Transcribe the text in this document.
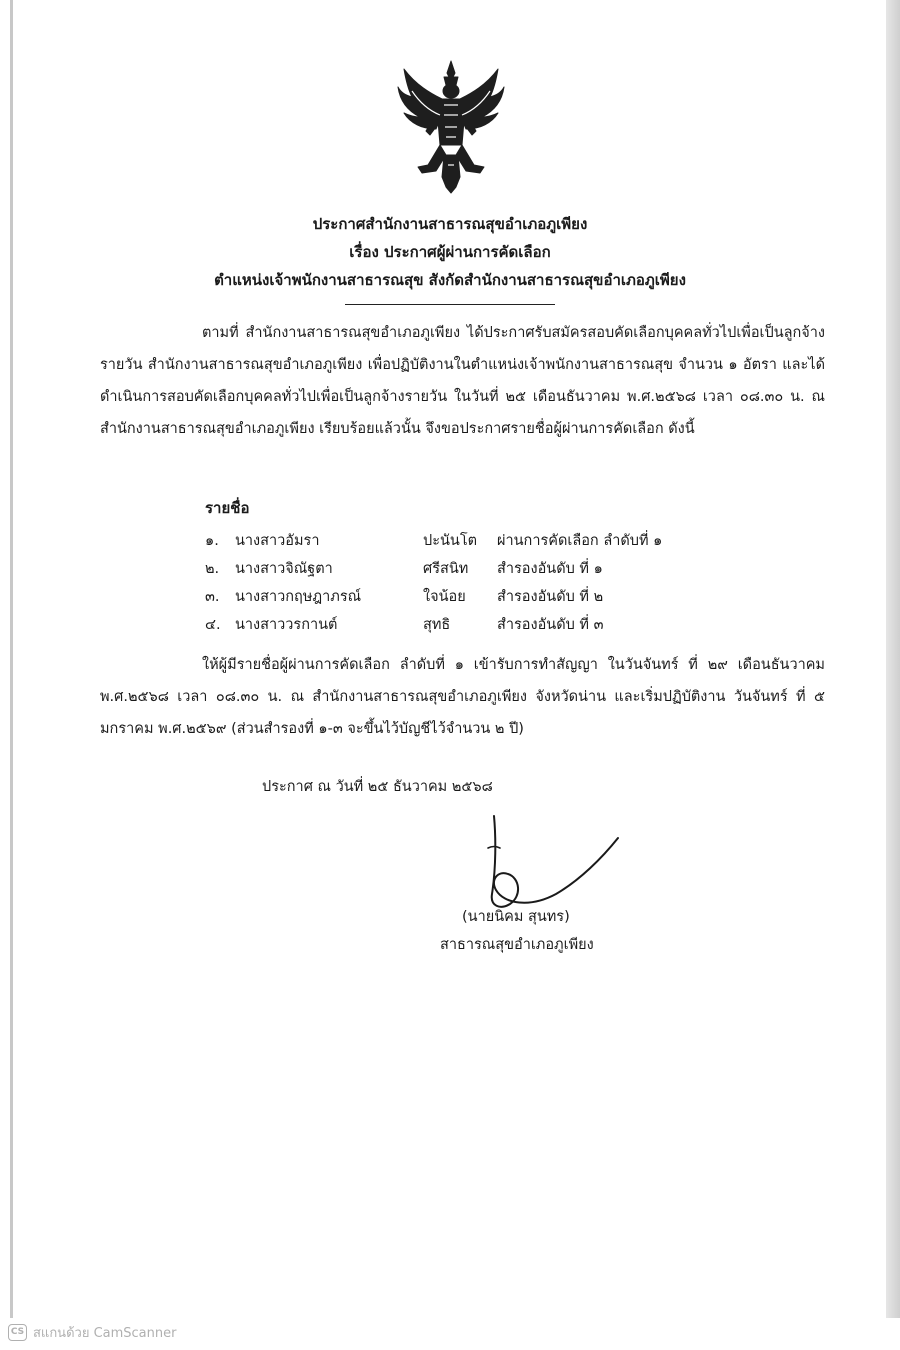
ประกาศสำนักงานสาธารณสุขอำเภอภูเพียง
เรื่อง ประกาศผู้ผ่านการคัดเลือก
ตำแหน่งเจ้าพนักงานสาธารณสุข สังกัดสำนักงานสาธารณสุขอำเภอภูเพียง
ตามที่ สำนักงานสาธารณสุขอำเภอภูเพียง ได้ประกาศรับสมัครสอบคัดเลือกบุคคลทั่วไปเพื่อเป็นลูกจ้างรายวัน สำนักงานสาธารณสุขอำเภอภูเพียง เพื่อปฏิบัติงานในตำแหน่งเจ้าพนักงานสาธารณสุข จำนวน ๑ อัตรา และได้ดำเนินการสอบคัดเลือกบุคคลทั่วไปเพื่อเป็นลูกจ้างรายวัน ในวันที่ ๒๕ เดือนธันวาคม พ.ศ.๒๕๖๘ เวลา ๐๘.๓๐ น. ณ สำนักงานสาธารณสุขอำเภอภูเพียง เรียบร้อยแล้วนั้น จึงขอประกาศรายชื่อผู้ผ่านการคัดเลือก ดังนี้
รายชื่อ
๑. นางสาวอัมรา	ปะนันโต ผ่านการคัดเลือก ลำดับที่ ๑
๒. นางสาวจิณัฐตา	ศรีสนิท สำรองอันดับ ที่ ๑
๓. นางสาวกฤษฎาภรณ์	ใจน้อย สำรองอันดับ ที่ ๒
๔. นางสาววรกานต์	สุทธิ	สำรองอันดับ ที่ ๓
ให้ผู้มีรายชื่อผู้ผ่านการคัดเลือก ลำดับที่ ๑ เข้ารับการทำสัญญา ในวันจันทร์ ที่ ๒๙ เดือนธันวาคม พ.ศ.๒๕๖๘ เวลา ๐๘.๓๐ น. ณ สำนักงานสาธารณสุขอำเภอภูเพียง จังหวัดน่าน และเริ่มปฏิบัติงาน วันจันทร์ ที่ ๕ มกราคม พ.ศ.๒๕๖๙ (ส่วนสำรองที่ ๑-๓ จะขึ้นไว้บัญชีไว้จำนวน ๒ ปี)
ประกาศ ณ วันที่ ๒๕ ธันวาคม ๒๕๖๘
(นายนิคม สุนทร)
สาธารณสุขอำเภอภูเพียง
CS สแกนด้วย CamScanner
